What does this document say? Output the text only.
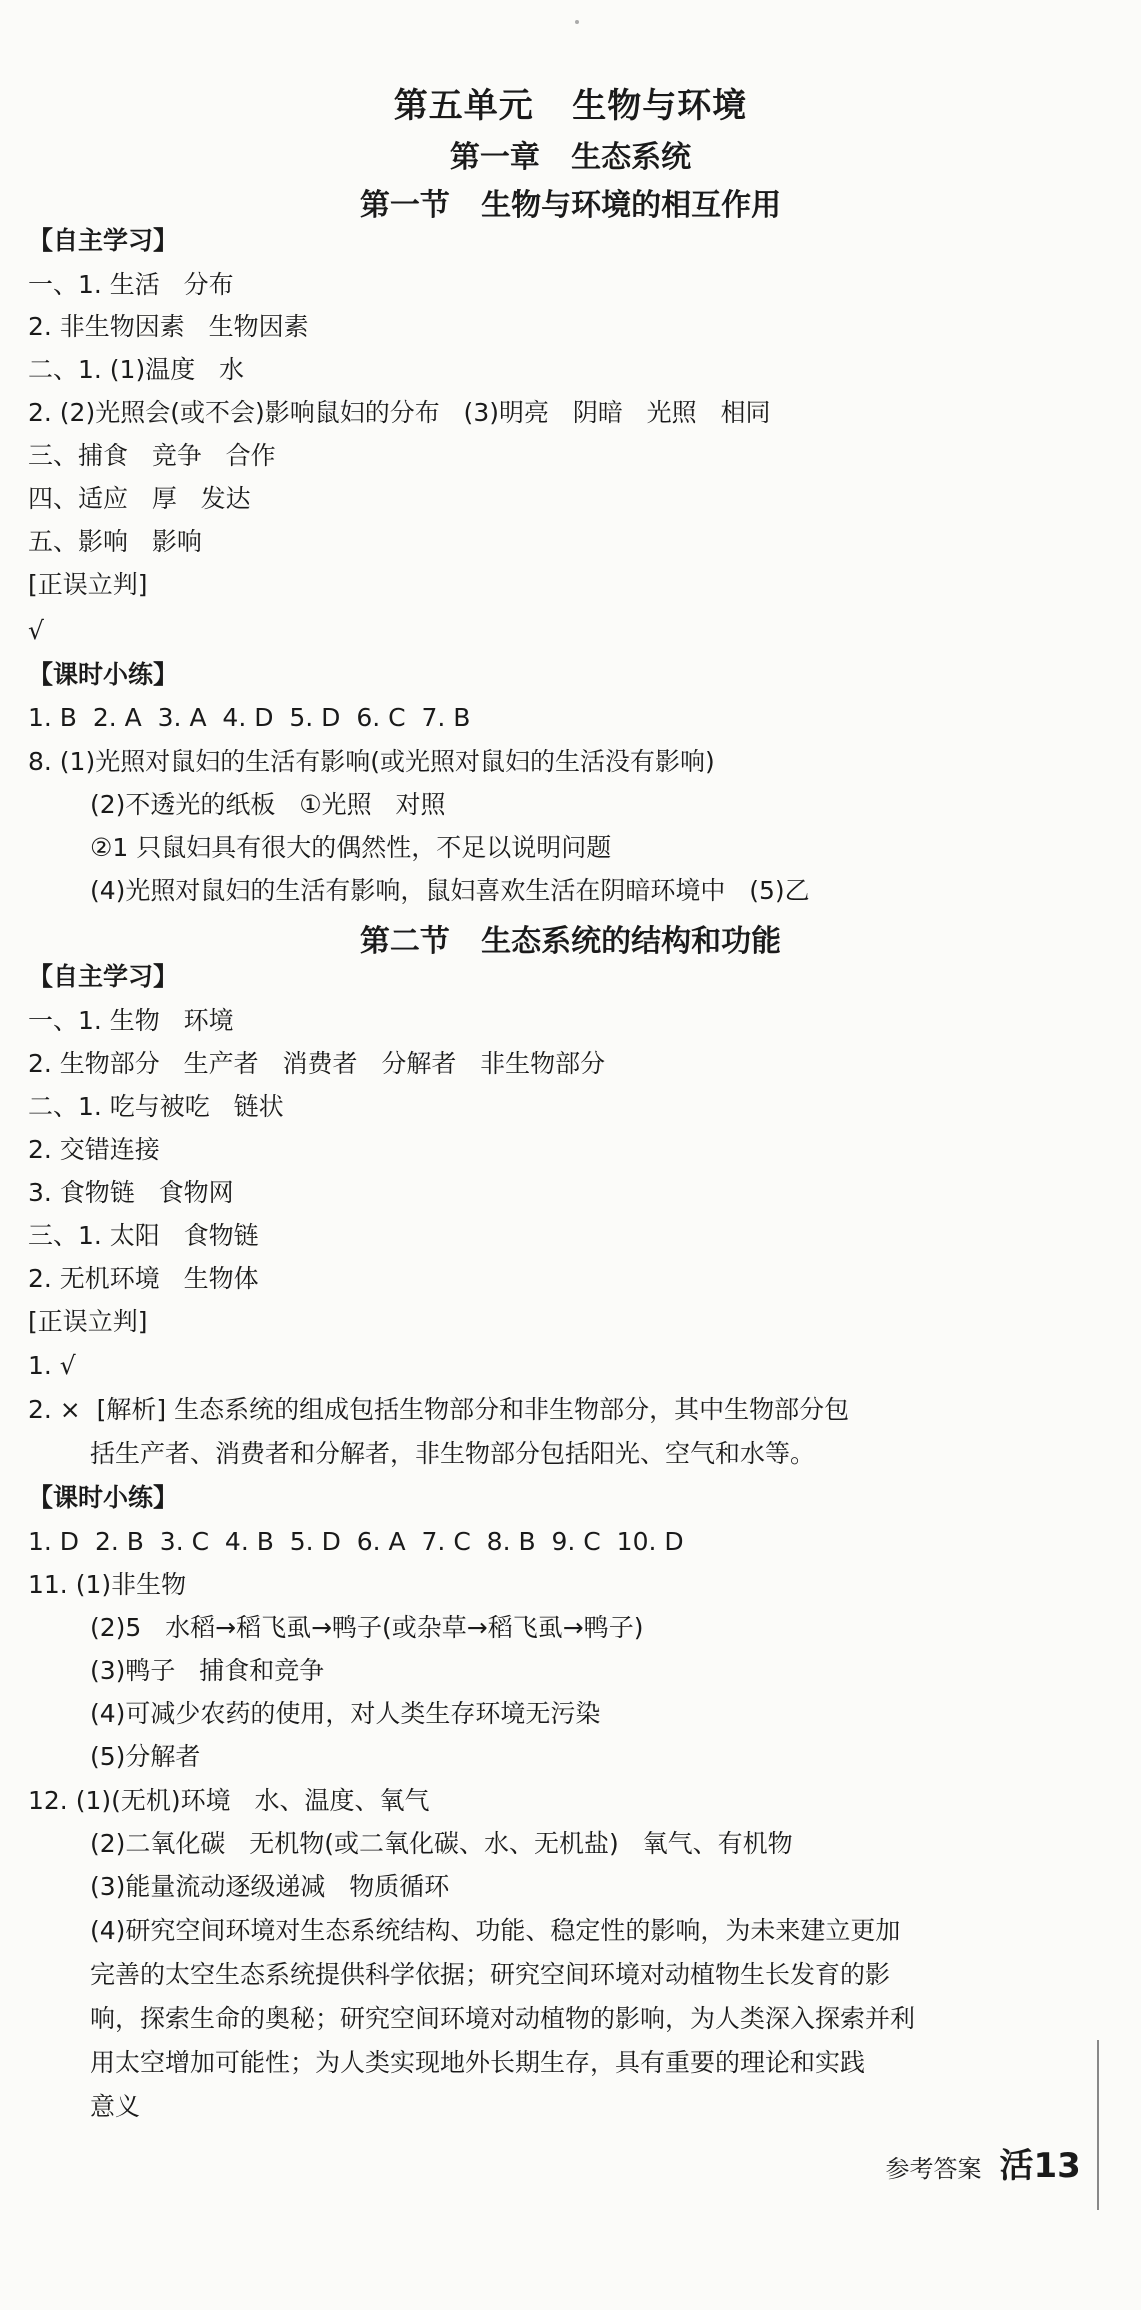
第五单元   生物与环境
第一章   生态系统
第一节   生物与环境的相互作用
【自主学习】
一、1. 生活   分布
2. 非生物因素   生物因素
二、1. (1)温度   水
2. (2)光照会(或不会)影响鼠妇的分布   (3)明亮   阴暗   光照   相同
三、捕食   竞争   合作
四、适应   厚   发达
五、影响   影响
[正误立判]
√
【课时小练】
1. B  2. A  3. A  4. D  5. D  6. C  7. B
8. (1)光照对鼠妇的生活有影响(或光照对鼠妇的生活没有影响)
(2)不透光的纸板   ①光照   对照
②1 只鼠妇具有很大的偶然性，不足以说明问题
(4)光照对鼠妇的生活有影响，鼠妇喜欢生活在阴暗环境中   (5)乙
第二节   生态系统的结构和功能
【自主学习】
一、1. 生物   环境
2. 生物部分   生产者   消费者   分解者   非生物部分
二、1. 吃与被吃   链状
2. 交错连接
3. 食物链   食物网
三、1. 太阳   食物链
2. 无机环境   生物体
[正误立判]
1. √
2. ×  [解析] 生态系统的组成包括生物部分和非生物部分，其中生物部分包
括生产者、消费者和分解者，非生物部分包括阳光、空气和水等。
【课时小练】
1. D  2. B  3. C  4. B  5. D  6. A  7. C  8. B  9. C  10. D
11. (1)非生物
(2)5   水稻→稻飞虱→鸭子(或杂草→稻飞虱→鸭子)
(3)鸭子   捕食和竞争
(4)可减少农药的使用，对人类生存环境无污染
(5)分解者
12. (1)(无机)环境   水、温度、氧气
(2)二氧化碳   无机物(或二氧化碳、水、无机盐)   氧气、有机物
(3)能量流动逐级递减   物质循环
(4)研究空间环境对生态系统结构、功能、稳定性的影响，为未来建立更加
完善的太空生态系统提供科学依据；研究空间环境对动植物生长发育的影
响，探索生命的奥秘；研究空间环境对动植物的影响，为人类深入探索并利
用太空增加可能性；为人类实现地外长期生存，具有重要的理论和实践
意义

参考答案 活13
